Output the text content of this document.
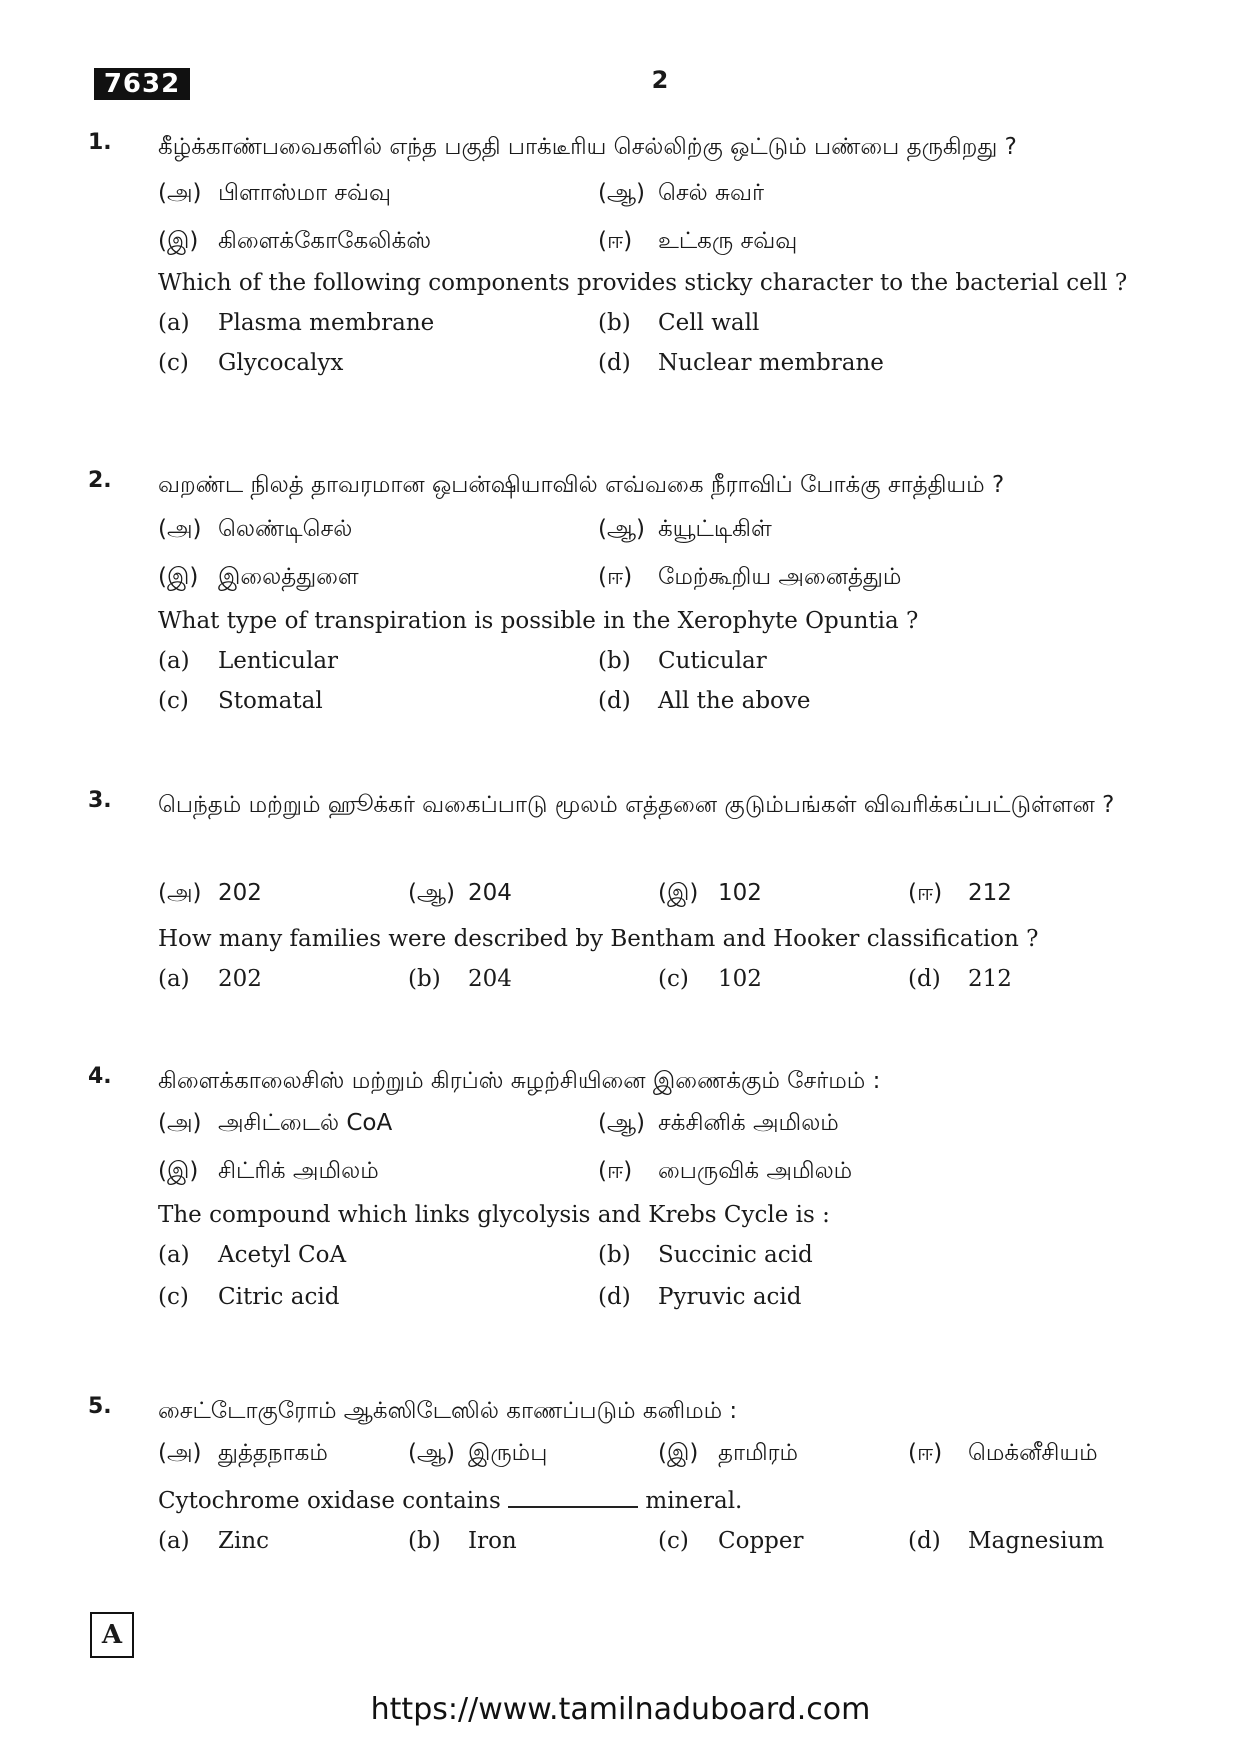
7632	2
1. கீழ்க்காண்பவைகளில் எந்த பகுதி பாக்டீரிய செல்லிற்கு ஒட்டும் பண்பை தருகிறது ?
(அ) பிளாஸ்மா சவ்வு	(ஆ) செல் சுவர்
(இ) கிளைக்கோகேலிக்ஸ்	(ஈ) உட்கரு சவ்வு
Which of the following components provides sticky character to the bacterial cell ?
(a) Plasma membrane	(b) Cell wall
(c) Glycocalyx	(d) Nuclear membrane
2. வறண்ட நிலத் தாவரமான ஒபன்ஷியாவில் எவ்வகை நீராவிப் போக்கு சாத்தியம் ?
(அ) லெண்டிசெல்	(ஆ) க்யூட்டிகிள்
(இ) இலைத்துளை	(ஈ) மேற்கூறிய அனைத்தும்
What type of transpiration is possible in the Xerophyte Opuntia ?
(a) Lenticular	(b) Cuticular
(c) Stomatal	(d) All the above
3. பெந்தம் மற்றும் ஹூக்கர் வகைப்பாடு மூலம் எத்தனை குடும்பங்கள் விவரிக்கப்பட்டுள்ளன ?
(அ) 202	(ஆ) 204	(இ) 102	(ஈ) 212
How many families were described by Bentham and Hooker classification ?
(a) 202	(b) 204	(c) 102	(d) 212
4. கிளைக்காலைசிஸ் மற்றும் கிரப்ஸ் சுழற்சியினை இணைக்கும் சேர்மம் :
(அ) அசிட்டைல் CoA	(ஆ) சக்சினிக் அமிலம்
(இ) சிட்ரிக் அமிலம்	(ஈ) பைருவிக் அமிலம்
The compound which links glycolysis and Krebs Cycle is :
(a) Acetyl CoA	(b) Succinic acid
(c) Citric acid	(d) Pyruvic acid
5. சைட்டோகுரோம் ஆக்ஸிடேஸில் காணப்படும் கனிமம் :
(அ) துத்தநாகம்	(ஆ) இரும்பு	(இ) தாமிரம்	(ஈ) மெக்னீசியம்
Cytochrome oxidase contains	mineral.
(a) Zinc	(b) Iron	(c) Copper	(d) Magnesium
A
https://www.tamilnaduboard.com
